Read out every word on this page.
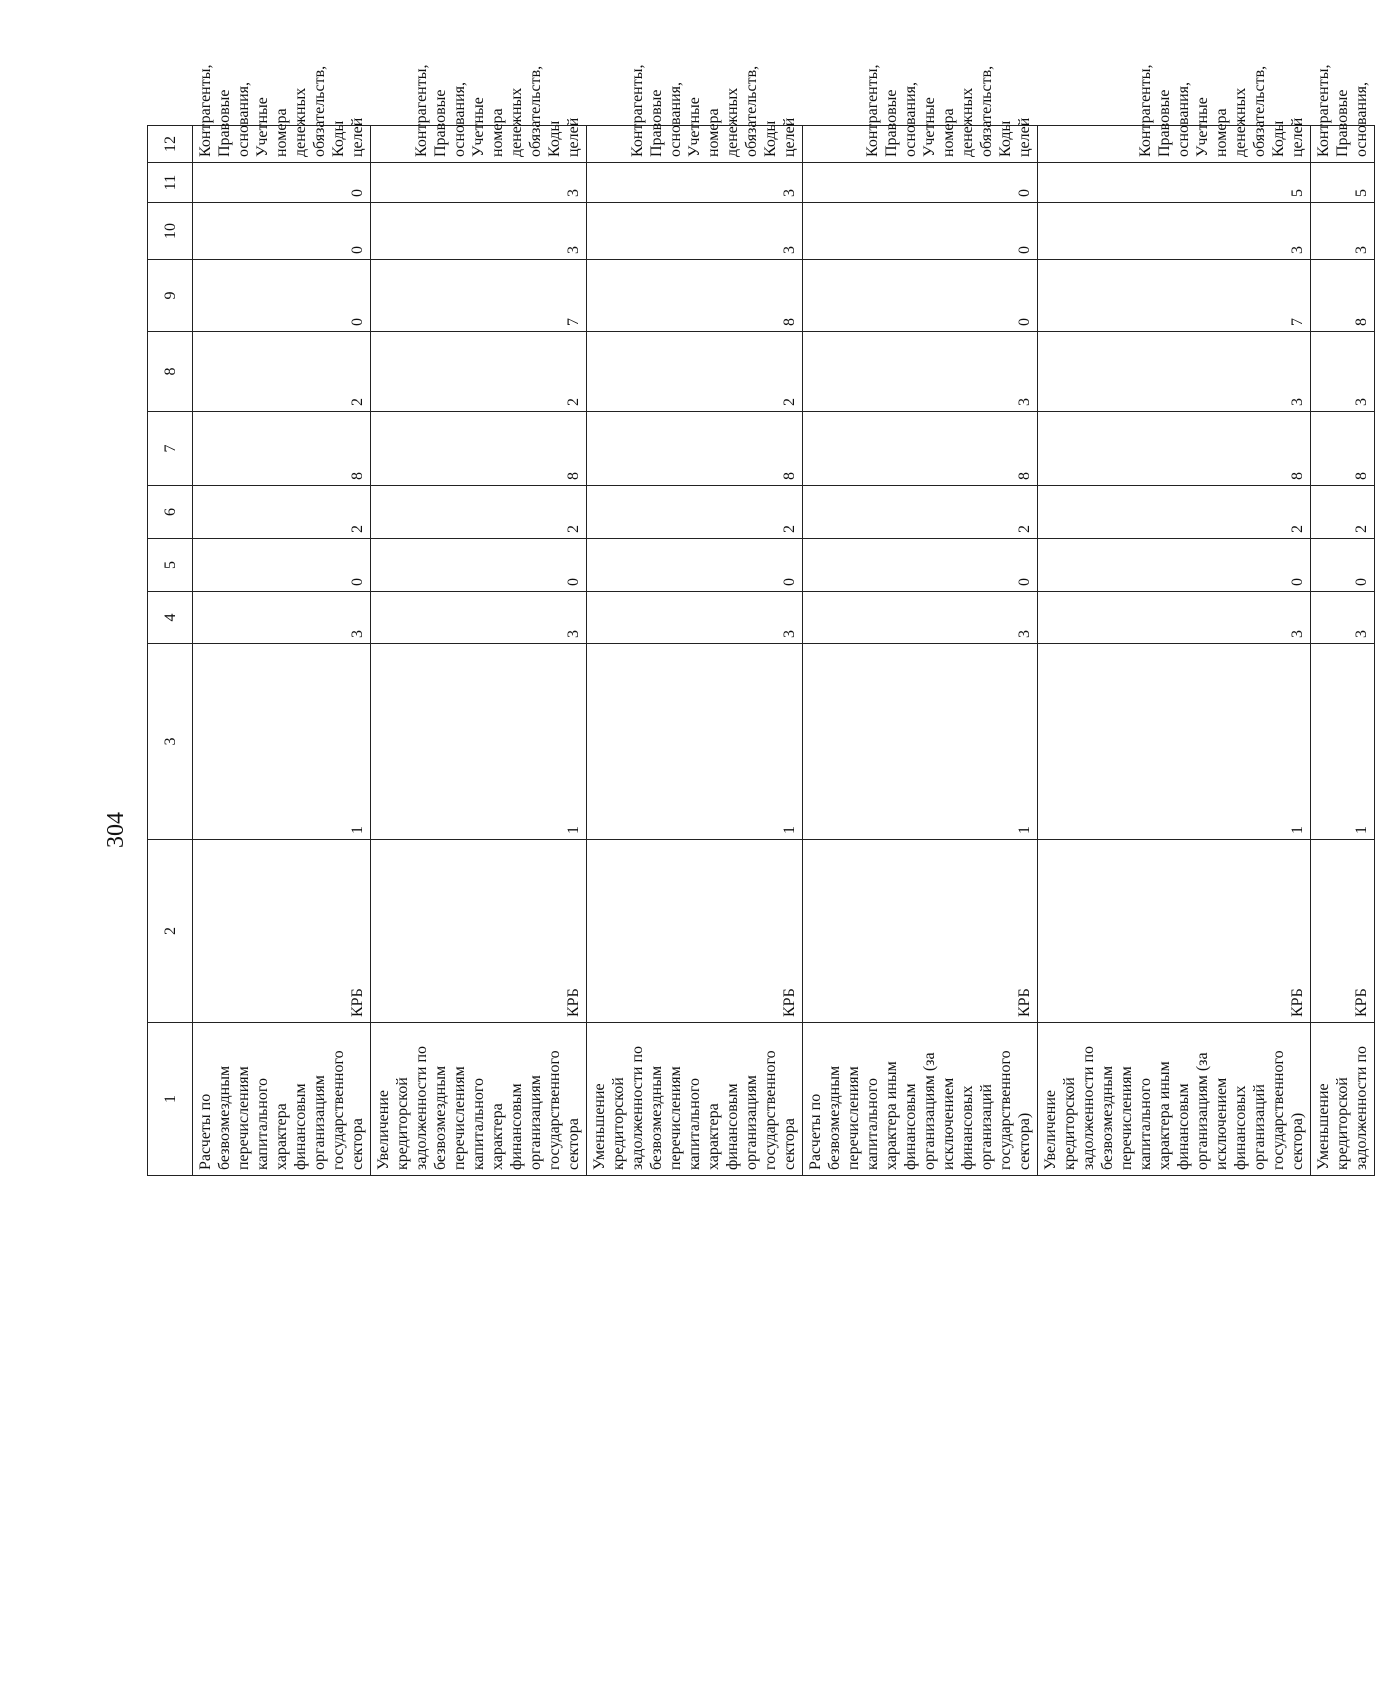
304
1	2	3	4	5	6	7	8	9	10	11	12
Расчеты по безвозмездным перечислениям капитального характера финансовым организациям государственного сектора	КРБ	1	3	0	2	8	2	0	0	0	Контрагенты, Правовые основания, Учетные номера денежных обязательств, Коды целей
Увеличение кредиторской задолженности по безвозмездным перечислениям капитального характера финансовым организациям государственного сектора	КРБ	1	3	0	2	8	2	7	3	3	Контрагенты, Правовые основания, Учетные номера денежных обязательств, Коды целей
Уменьшение кредиторской задолженности по безвозмездным перечислениям капитального характера финансовым организациям государственного сектора	КРБ	1	3	0	2	8	2	8	3	3	Контрагенты, Правовые основания, Учетные номера денежных обязательств, Коды целей
Расчеты по безвозмездным перечислениям капитального характера иным финансовым организациям (за исключением финансовых организаций государственного сектора)	КРБ	1	3	0	2	8	3	0	0	0	Контрагенты, Правовые основания, Учетные номера денежных обязательств, Коды целей
Увеличение кредиторской задолженности по безвозмездным перечислениям капитального характера иным финансовым организациям (за исключением финансовых организаций государственного сектора)	КРБ	1	3	0	2	8	3	7	3	5	Контрагенты, Правовые основания, Учетные номера денежных обязательств, Коды целей
Уменьшение кредиторской задолженности по	КРБ	1	3	0	2	8	3	8	3	5	Контрагенты, Правовые основания,
